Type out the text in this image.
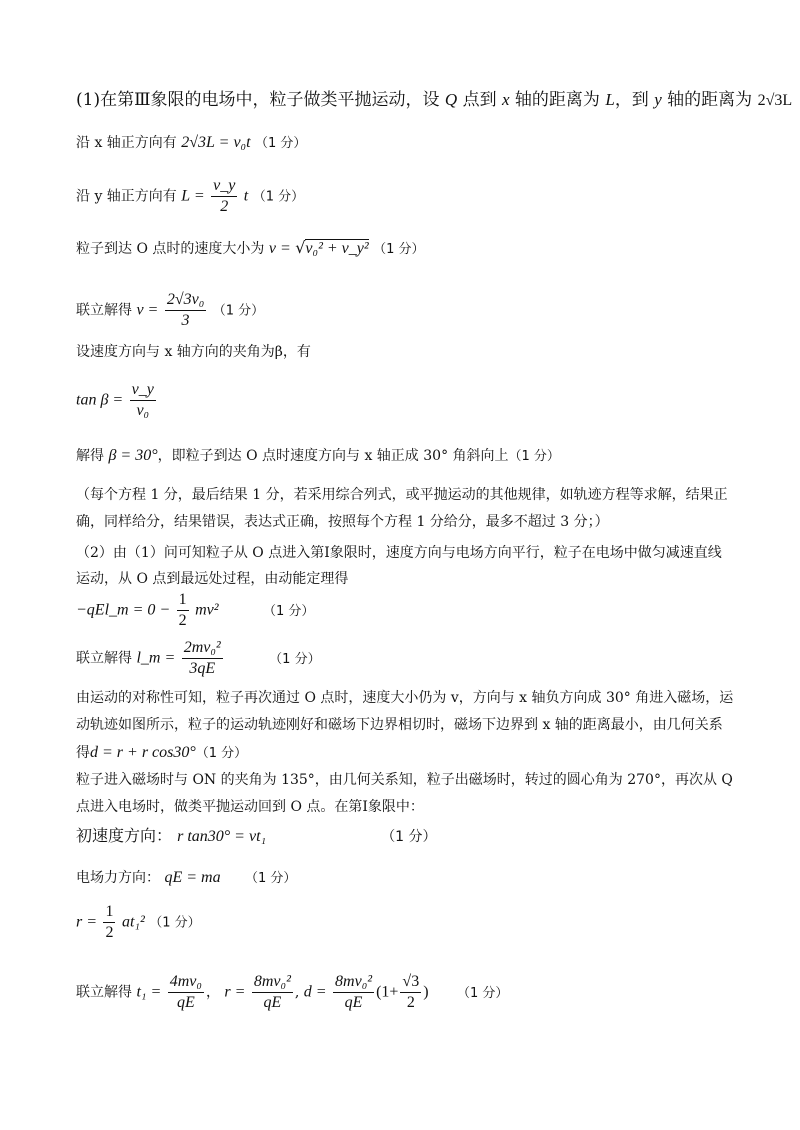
(1)在第Ⅲ象限的电场中，粒子做类平抛运动，设 Q 点到 x 轴的距离为 L，到 y 轴的距离为 2√3L
沿 x 轴正方向有 2√3L = v₀t （1 分）
沿 y 轴正方向有 $L = \frac{v\_y}{2}$ t （1 分）
粒子到达 O 点时的速度大小为 v = √v₀² + v_y² （1 分）
联立解得 $v = \frac{\text{2√3v₀}}{3} (1$ 分）
设速度方向与 x 轴方向的夹角为β，有
$\tan \beta = \frac{v\_y}{\text{v₀}}$
解得 β = 30°，即粒子到达 O 点时速度方向与 x 轴正成 30° 角斜向上（1 分）
（每个方程 1 分，最后结果 1 分，若采用综合列式，或平抛运动的其他规律，如轨迹方程等求解，结果正
确，同样给分，结果错误，表达式正确，按照每个方程 1 分给分，最多不超过 3 分；）
（2）由（1）问可知粒子从 O 点进入第Ⅰ象限时，速度方向与电场方向平行，粒子在电场中做匀减速直线
运动，从 O 点到最远处过程，由动能定理得
−qEl_m = $0 - \frac{1}{2} mv^2$	（1 分）
联立解得 l_m = $\frac{\text{2mv₀²}}{3qE}$	（1 分）
由运动的对称性可知，粒子再次通过 O 点时，速度大小仍为 v，方向与 x 轴负方向成 30° 角进入磁场，运
动轨迹如图所示，粒子的运动轨迹刚好和磁场下边界相切时，磁场下边界到 x 轴的距离最小，由几何关系
得d = r + r cos30°（1 分）
粒子进入磁场时与 ON 的夹角为 135°，由几何关系知，粒子出磁场时，转过的圆心角为 270°，再次从 Q
点进入电场时，做类平抛运动回到 O 点。在第Ⅰ象限中：
初速度方向： r tan30° = vt₁	（1 分）
电场力方向： qE = ma （1 分）
$r = \frac{1}{2} at_1^2$ （1 分）
联立解得 $t_1 = \frac{\text{4mv₀}}{qE}$ ， $r = \frac{\text{8mv₀²}}{qE}$ , $d = \frac{\text{8mv₀²}}{qE} (1+ \frac{√3}{2}$ ) （1 分）
